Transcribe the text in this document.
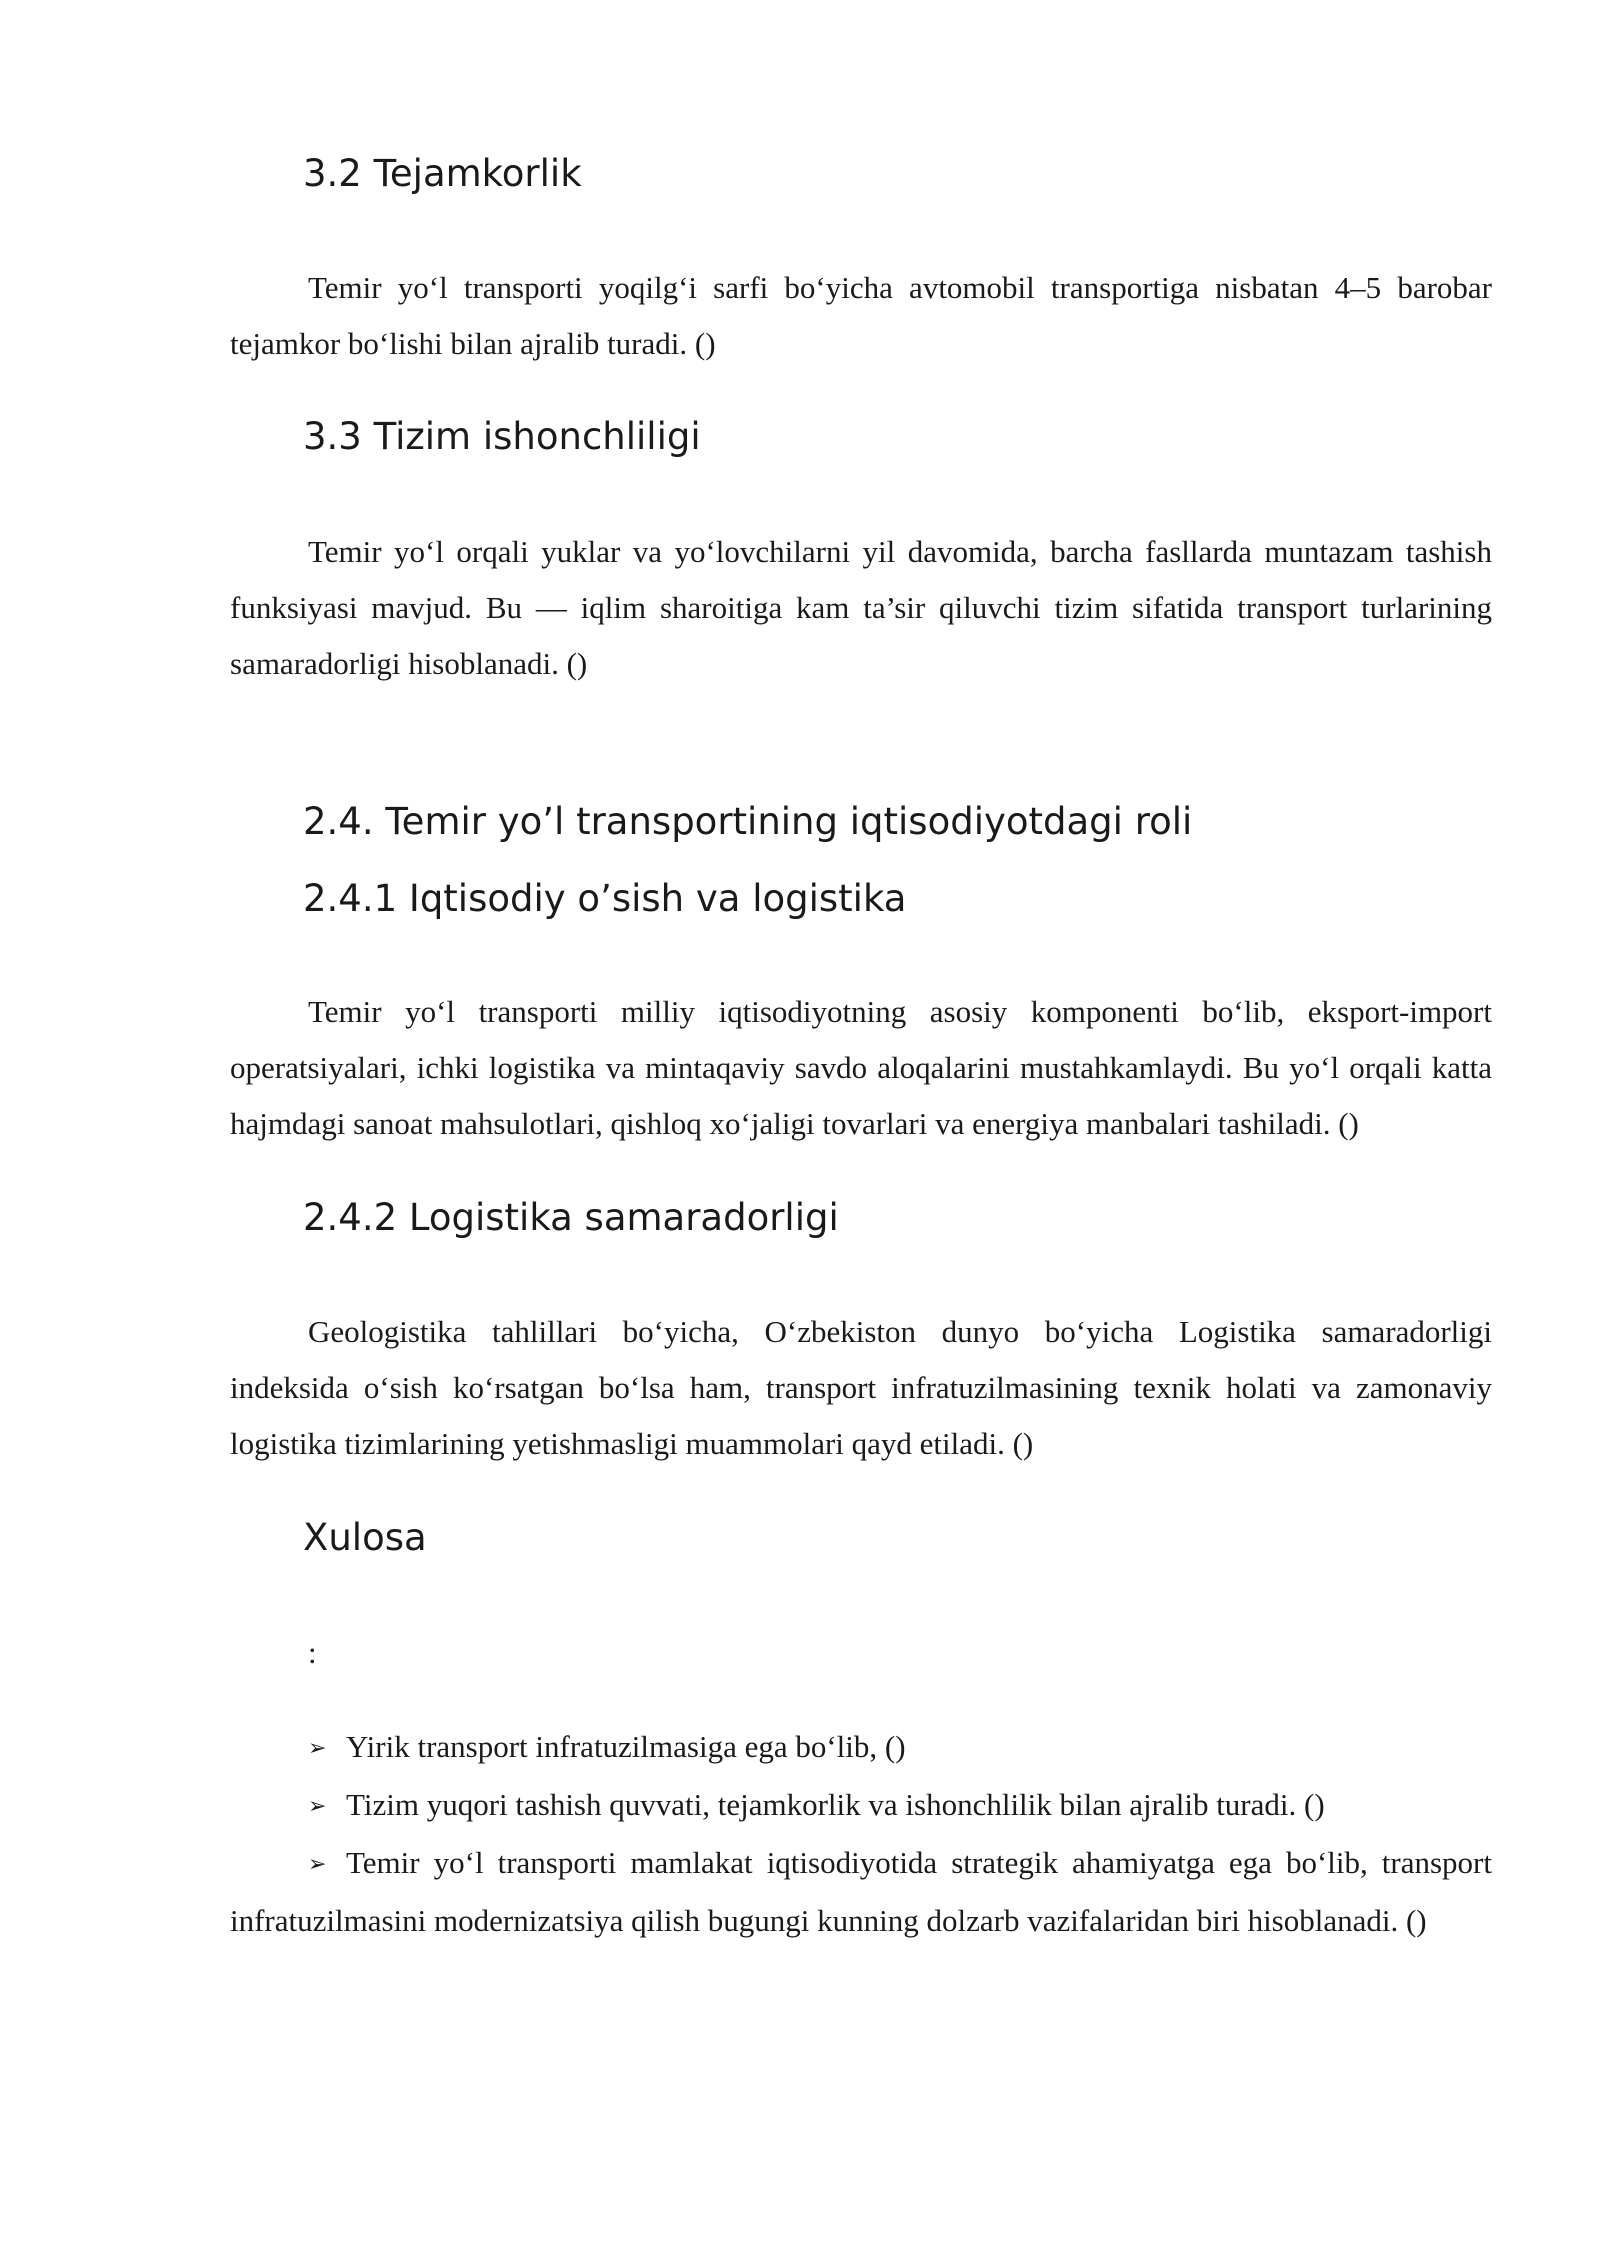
3.2 Tejamkorlik

Temir yo‘l transporti yoqilg‘i sarfi bo‘yicha avtomobil transportiga nisbatan 4–5 barobar tejamkor bo‘lishi bilan ajralib turadi. ()

3.3 Tizim ishonchliligi

Temir yo‘l orqali yuklar va yo‘lovchilarni yil davomida, barcha fasllarda muntazam tashish funksiyasi mavjud. Bu — iqlim sharoitiga kam ta’sir qiluvchi tizim sifatida transport turlarining samaradorligi hisoblanadi. ()

2.4. Temir yo’l transportining iqtisodiyotdagi roli
2.4.1 Iqtisodiy o’sish va logistika

Temir yo‘l transporti milliy iqtisodiyotning asosiy komponenti bo‘lib, eksport-import operatsiyalari, ichki logistika va mintaqaviy savdo aloqalarini mustahkamlaydi. Bu yo‘l orqali katta hajmdagi sanoat mahsulotlari, qishloq xo‘jaligi tovarlari va energiya manbalari tashiladi. ()

2.4.2 Logistika samaradorligi

Geologistika tahlillari bo‘yicha, O‘zbekiston dunyo bo‘yicha Logistika samaradorligi indeksida o‘sish ko‘rsatgan bo‘lsa ham, transport infratuzilmasining texnik holati va zamonaviy logistika tizimlarining yetishmasligi muammolari qayd etiladi. ()

Xulosa
:
➢ Yirik transport infratuzilmasiga ega bo‘lib, ()
➢ Tizim yuqori tashish quvvati, tejamkorlik va ishonchlilik bilan ajralib turadi. ()
➢ Temir yo‘l transporti mamlakat iqtisodiyotida strategik ahamiyatga ega bo‘lib, transport infratuzilmasini modernizatsiya qilish bugungi kunning dolzarb vazifalaridan biri hisoblanadi. ()
